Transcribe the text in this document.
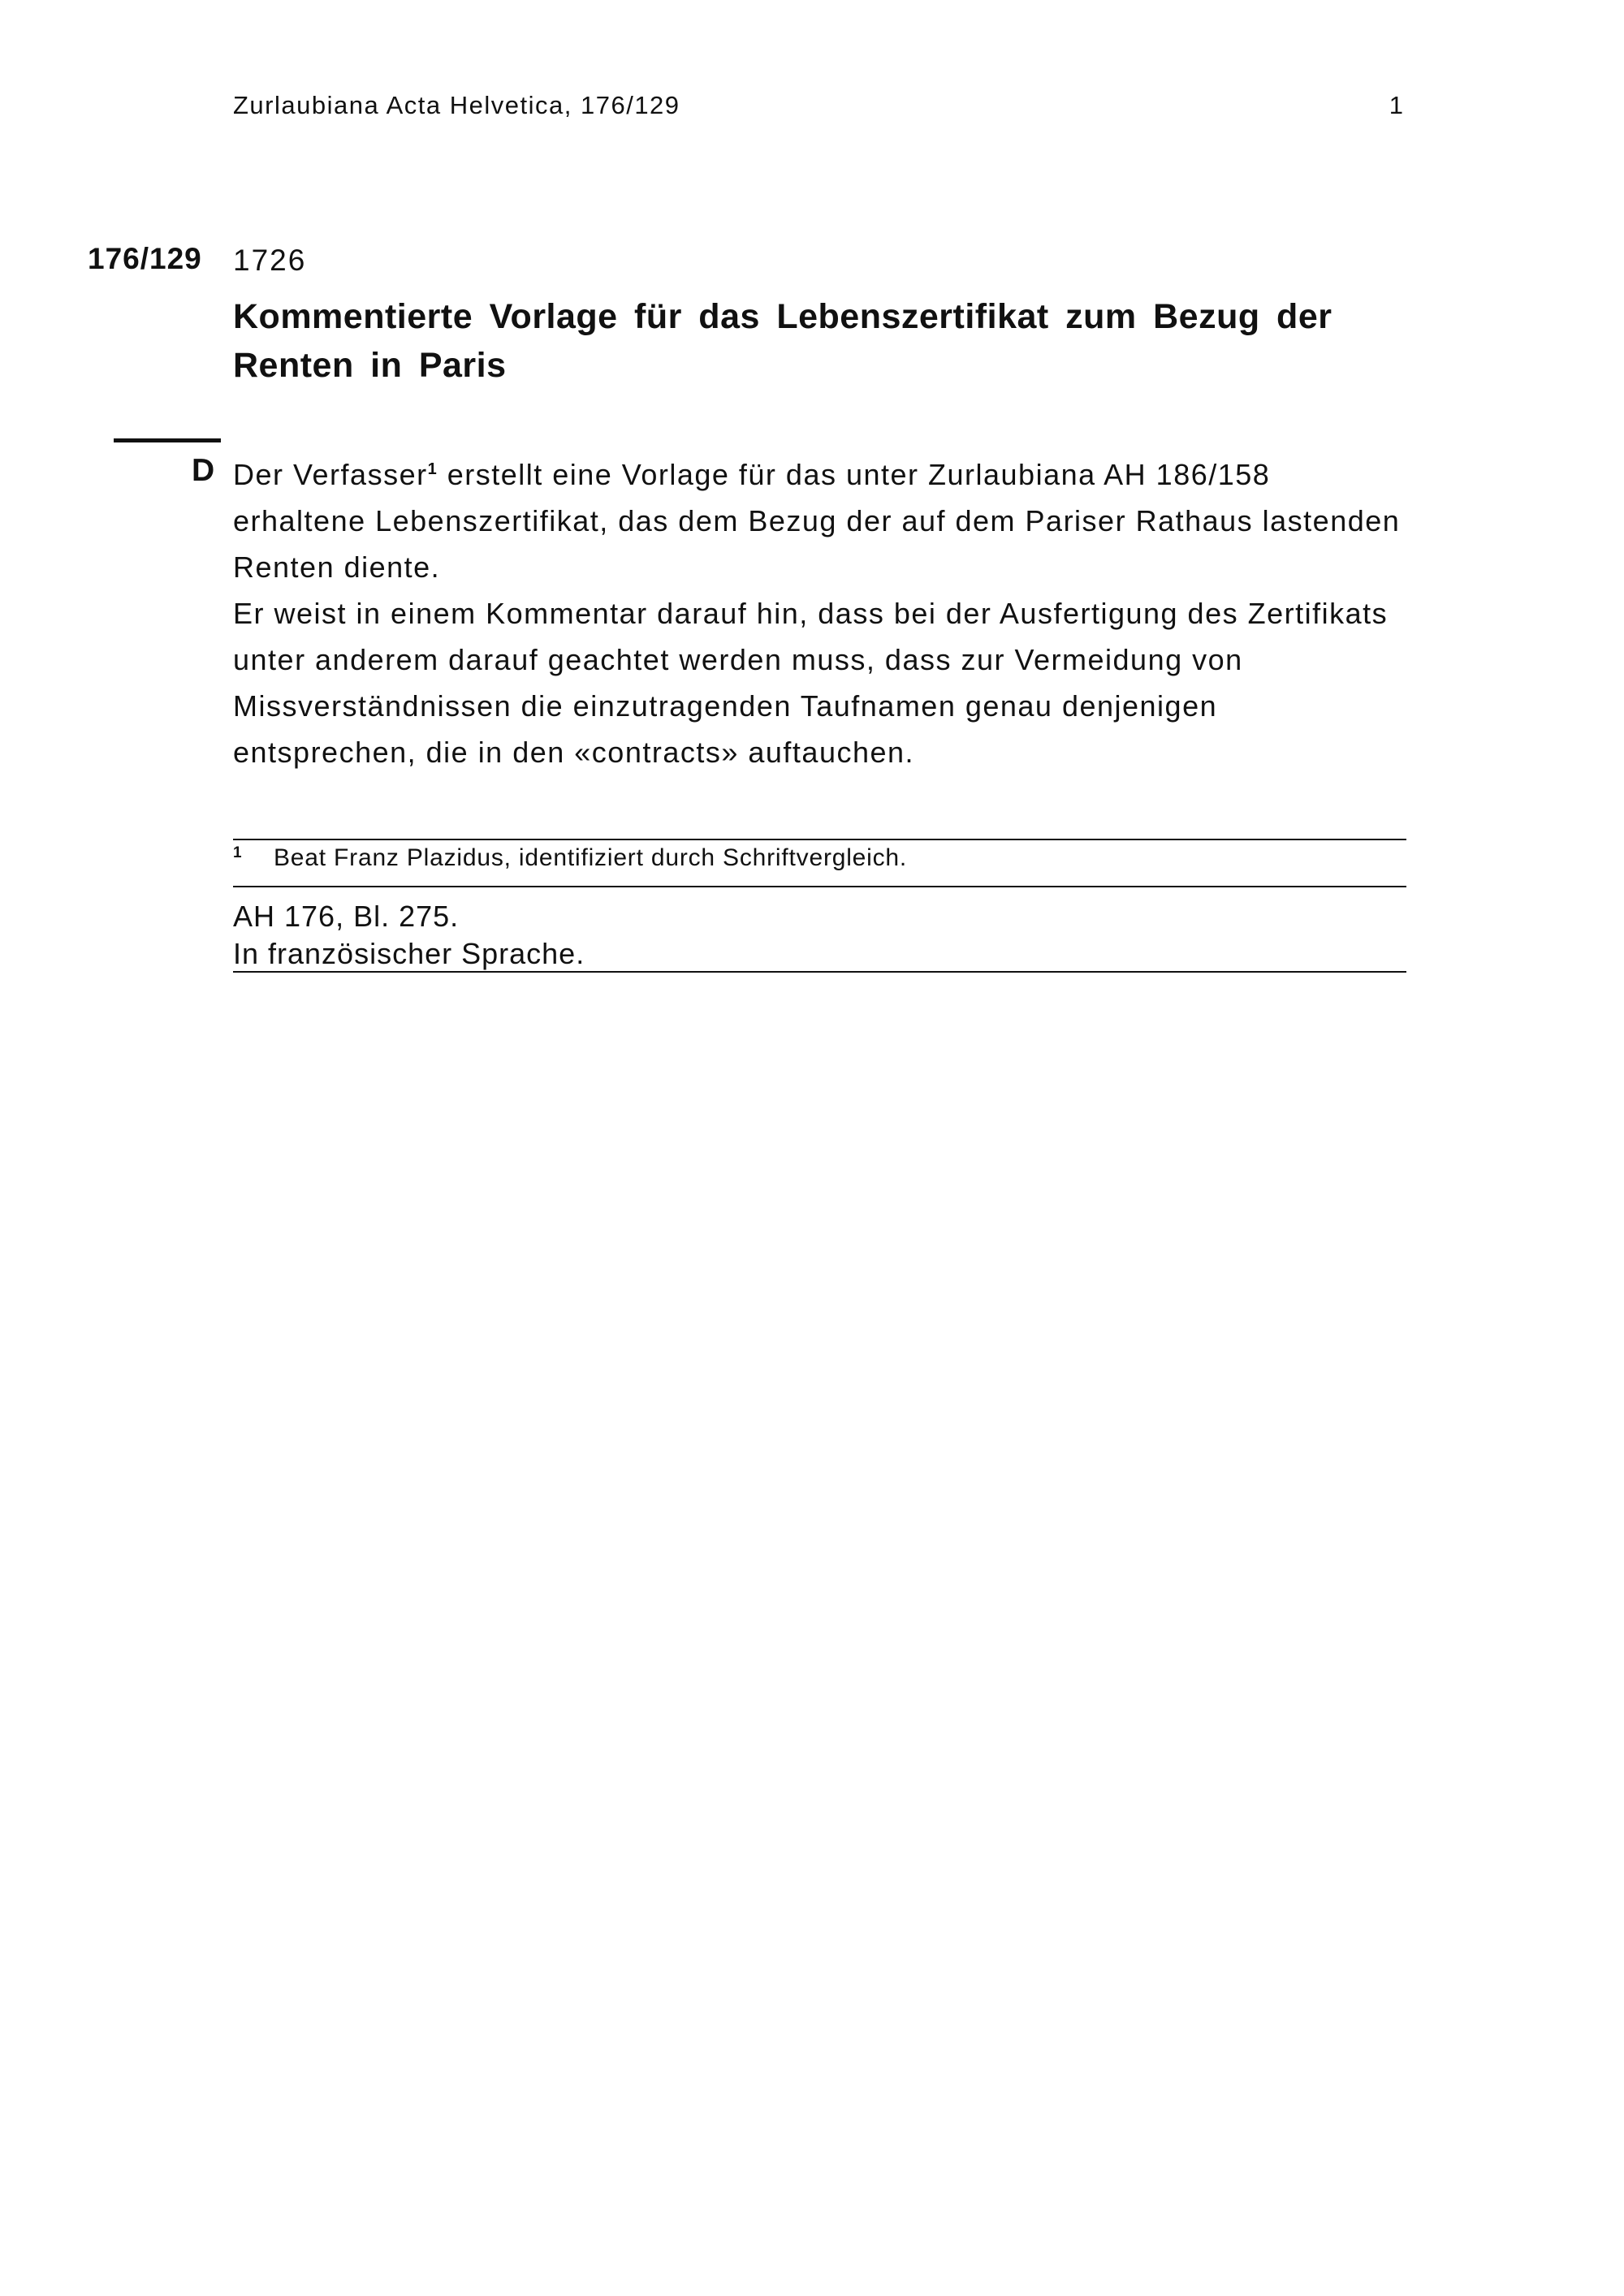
Zurlaubiana Acta Helvetica, 176/129	1
176/129 1726
Kommentierte Vorlage für das Lebenszertifikat zum Bezug der Renten in Paris
D Der Verfasser$^1$ erstellt eine Vorlage für das unter Zurlaubiana AH 186/158 erhaltene Lebenszertifikat, das dem Bezug der auf dem Pariser Rathaus lastenden Renten diente.

Er weist in einem Kommentar darauf hin, dass bei der Ausfertigung des Zertifikats unter anderem darauf geachtet werden muss, dass zur Vermeidung von Missverständnissen die einzutragenden Taufnamen genau denjenigen entsprechen, die in den «contracts» auftauchen.

1 Beat Franz Plazidus, identifiziert durch Schriftvergleich.
AH 176, Bl. 275.
In französischer Sprache.
